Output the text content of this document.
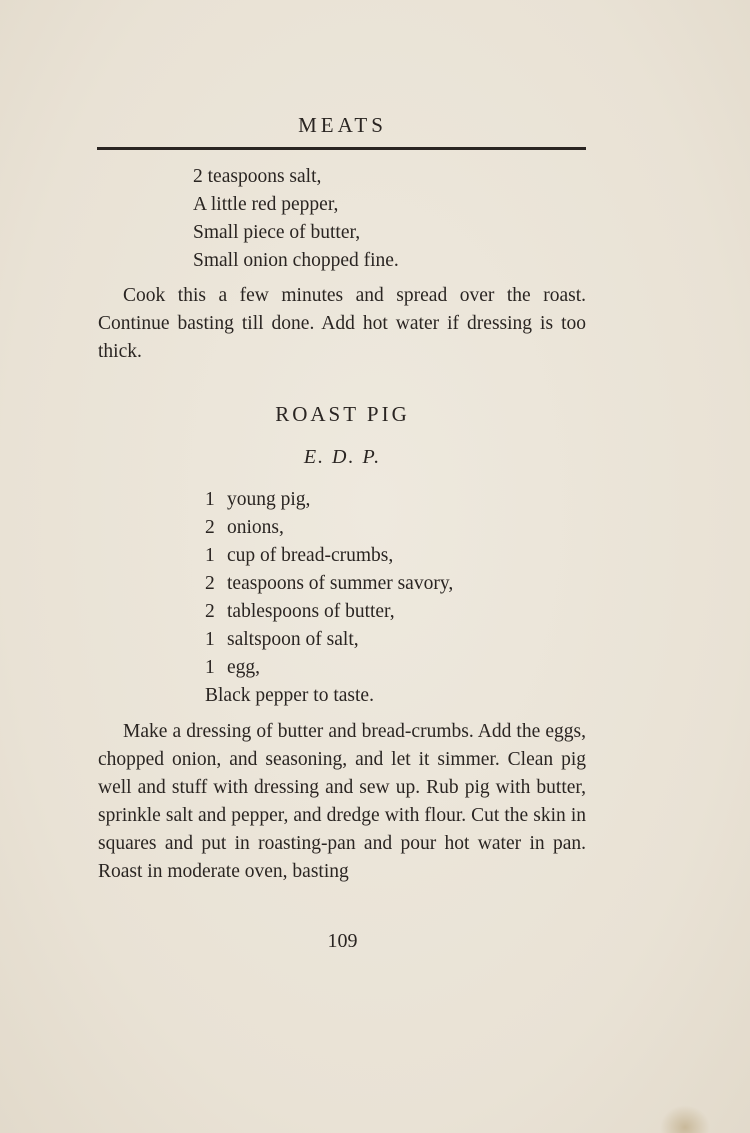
MEATS
2 teaspoons salt,
A little red pepper,
Small piece of butter,
Small onion chopped fine.
Cook this a few minutes and spread over the roast. Continue basting till done. Add hot water if dressing is too thick.
ROAST PIG
E. D. P.
1 young pig,
2 onions,
1 cup of bread-crumbs,
2 teaspoons of summer savory,
2 tablespoons of butter,
1 saltspoon of salt,
1 egg,
Black pepper to taste.
Make a dressing of butter and bread-crumbs. Add the eggs, chopped onion, and seasoning, and let it simmer. Clean pig well and stuff with dressing and sew up. Rub pig with butter, sprinkle salt and pepper, and dredge with flour. Cut the skin in squares and put in roasting-pan and pour hot water in pan. Roast in moderate oven, basting
109
